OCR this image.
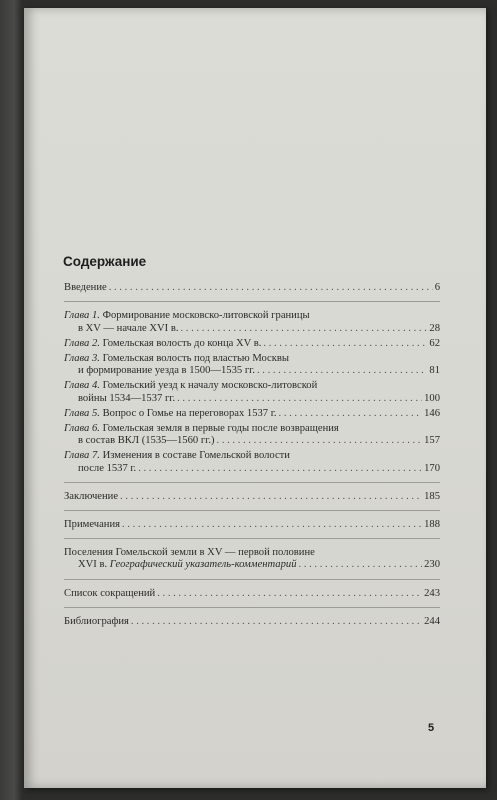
Содержание
Введение . . .	6
Глава 1.
Формирование московско-литовской границы
в XV — начале XVI в. . . .	28
Глава 2.
Гомельская волость до конца XV в. . . .	62
Глава 3.
Гомельская волость под властью Москвы
и формирование уезда в 1500—1535 гг. . . .	81
Глава 4.
Гомельский уезд к началу московско-литовской
войны 1534—1537 гг. . . .	100
Глава 5.
Вопрос о Гомье на переговорах 1537 г. . . .	146
Глава 6.
Гомельская земля в первые годы после возвращения
в состав ВКЛ (1535—1560 гг.) . . .	157
Глава 7.
Изменения в составе Гомельской волости
после 1537 г. . . .	170
Заключение . . .	185
Примечания . . .	188
Поселения Гомельской земли в XV — первой половине
XVI в.
Географический указатель-комментарий . . .	230
Список сокращений . . .	243
Библиография . . .	244
5
